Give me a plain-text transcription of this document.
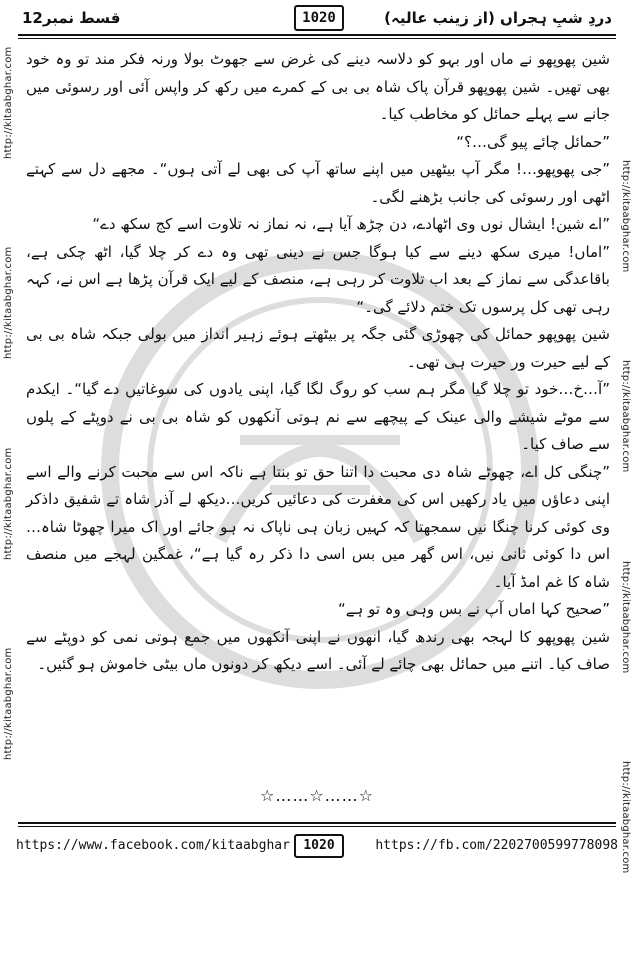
دردِ شبِ ہجراں (از زینب عالیہ)
1020
قسط نمبر12
http://kitaabghar.comhttp://kitaabghar.comhttp://kitaabghar.comhttp://kitaabghar.com
http://kitaabghar.comhttp://kitaabghar.comhttp://kitaabghar.comhttp://kitaabghar.com

شین پھوپھو نے ماں اور بہو کو دلاسہ دینے کی غرض سے جھوٹ بولا ورنہ فکر مند تو وہ خود بھی تھیں۔ شین پھوپھو قرآن پاک شاہ بی بی کے کمرے میں رکھ کر واپس آئی اور رسوئی میں جانے سے پہلے حمائل کو مخاطب کیا۔

”حمائل چائے پیو گی…؟“

”جی پھوپھو…! مگر آپ بیٹھیں میں اپنے ساتھ آپ کی بھی لے آتی ہوں“۔ مجھے دل سے کہتے اٹھی اور رسوئی کی جانب بڑھنے لگی۔

”اے شین! ایشال نوں وی اٹھادے، دن چڑھ آیا ہے، نہ نماز نہ تلاوت اسے کج سکھ دے“

”اماں! میری سکھ دینے سے کیا ہوگا جس نے دینی تھی وہ دے کر چلا گیا، اٹھ چکی ہے، باقاعدگی سے نماز کے بعد اب تلاوت کر رہی ہے، منصف کے لیے ایک قرآن پڑھا ہے اس نے، کہہ رہی تھی کل پرسوں تک ختم دلائے گی۔“

شین پھوپھو حمائل کی چھوڑی گئی جگہ پر بیٹھتے ہوئے زہیر انداز میں بولی جبکہ شاہ بی بی کے لیے حیرت ور حیرت ہی تھی۔

”آ…خ…خود تو چلا گیا مگر ہم سب کو روگ لگا گیا، اپنی یادوں کی سوغاتیں دے گیا“۔ ایکدم سے موٹے شیشے والی عینک کے پیچھے سے نم ہوتی آنکھوں کو شاہ بی بی نے دوپٹے کے پلوں سے صاف کیا۔

”چنگی کل اے، چھوٹے شاہ دی محبت دا اتنا حق تو بنتا ہے ناکہ اس سے محبت کرنے والے اسے اپنی دعاؤں میں یاد رکھیں اس کی مغفرت کی دعائیں کریں…دیکھ لے آذر شاہ تے شفیق داذکر وی کوئی کرنا چنگا نیں سمجھتا کہ کہیں زبان ہی ناپاک نہ ہو جائے اور اک میرا چھوٹا شاہ…اس دا کوئی ثانی نیں، اس گھر میں بس اسی دا ذکر رہ گیا ہے“، غمگین لہجے میں منصف شاہ کا غم امڈ آیا۔

”صحیح کہا اماں آپ نے بس وہی وہ تو ہے“

شین پھوپھو کا لہجہ بھی رندھ گیا، انھوں نے اپنی آنکھوں میں جمع ہوتی نمی کو دوپٹے سے صاف کیا۔ اتنے میں حمائل بھی چائے لے آئی۔ اسے دیکھ کر دونوں ماں بیٹی خاموش ہو گئیں۔

☆……☆……☆
https://www.facebook.com/kitaabghar	1020	https://fb.com/2202700599778098
